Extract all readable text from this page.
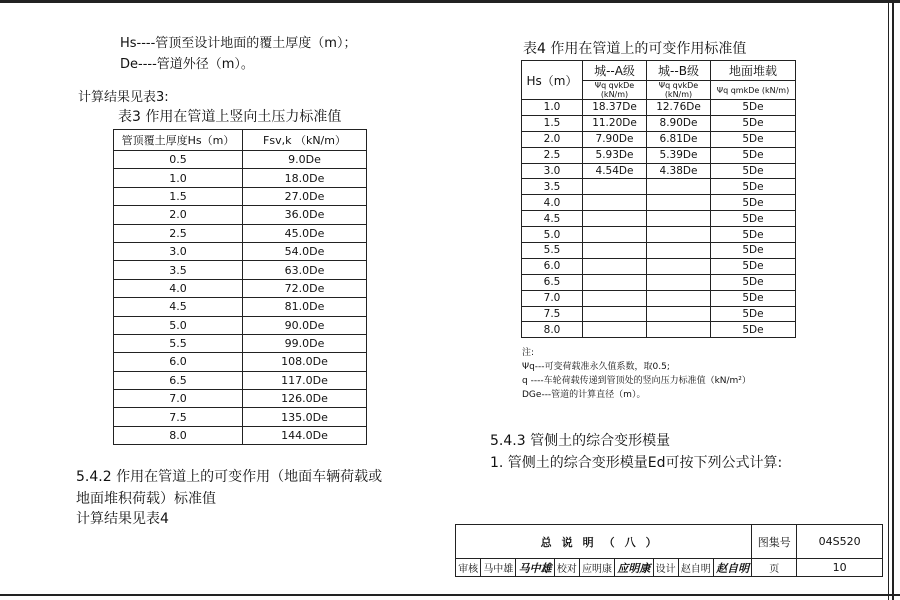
Hs----管顶至设计地面的覆土厚度（m）；
De----管道外径（m）。
计算结果见表3:
表3 作用在管道上竖向土压力标准值
管顶覆土厚度Hs（m）	Fsv,k （kN/m）
0.5	9.0De
1.0	18.0De
1.5	27.0De
2.0	36.0De
2.5	45.0De
3.0	54.0De
3.5	63.0De
4.0	72.0De
4.5	81.0De
5.0	90.0De
5.5	99.0De
6.0	108.0De
6.5	117.0De
7.0	126.0De
7.5	135.0De
8.0	144.0De
5.4.2 作用在管道上的可变作用（地面车辆荷载或
地面堆积荷载）标准值
计算结果见表4
表4 作用在管道上的可变作用标准值
Hs（m）	城--A级	城--B级	地面堆载
	Ψq qvkDe (kN/m)	Ψq qvkDe (kN/m)	Ψq qmkDe (kN/m)
1.0	18.37De	12.76De	5De
1.5	11.20De	8.90De	5De
2.0	7.90De	6.81De	5De
2.5	5.93De	5.39De	5De
3.0	4.54De	4.38De	5De
3.5			5De
4.0			5De
4.5			5De
5.0			5De
5.5			5De
6.0			5De
6.5			5De
7.0			5De
7.5			5De
8.0			5De
注:
Ψq---可变荷载准永久值系数，取0.5;
q ----车轮荷载传递到管顶处的竖向压力标准值（kN/m²）
DGe---管道的计算直径（m）。
5.4.3 管侧土的综合变形模量
1. 管侧土的综合变形模量Ed可按下列公式计算:
总说明（八）									图集号	04S520
审核	马中雄	马中雄	校对	应明康	应明康	设计	赵自明	赵自明	页	10
